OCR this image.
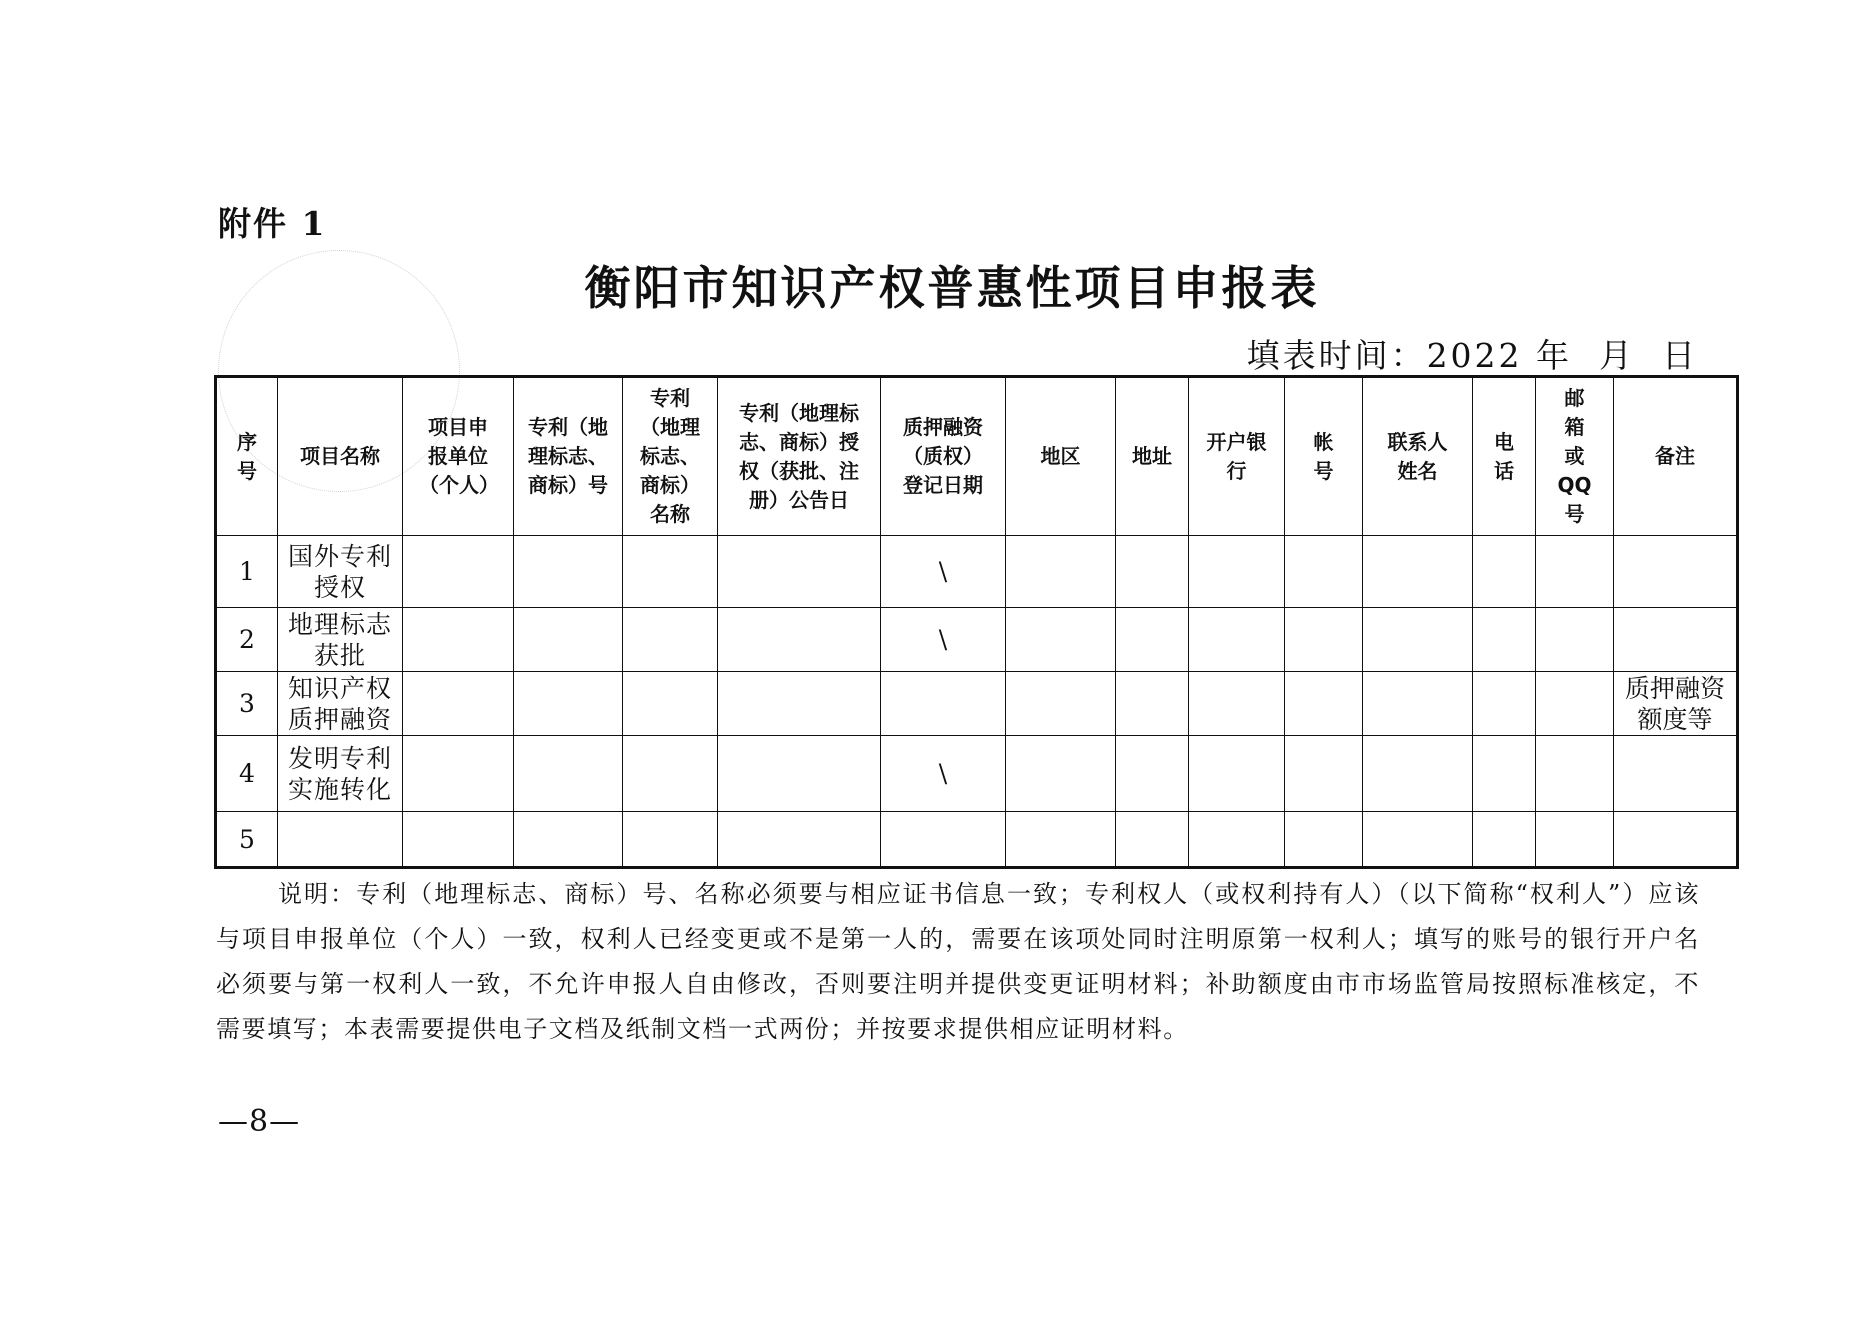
附件 1
衡阳市知识产权普惠性项目申报表
填表时间：2022 年  月  日
序号	项目名称	项目申报单位（个人）	专利（地理标志、商标）号	专利（地理标志、商标）名称	专利（地理标志、商标）授权（获批、注册）公告日	质押融资（质权）登记日期	地区	地址	开户银行	帐号	联系人姓名	电话	邮箱或QQ号	备注
1	国外专利授权					\								
2	地理标志获批					\								
3	知识产权质押融资													质押融资额度等
4	发明专利实施转化					\								
5														
说明：专利（地理标志、商标）号、名称必须要与相应证书信息一致；专利权人（或权利持有人）（以下简称“权利人”）应该与项目申报单位（个人）一致，权利人已经变更或不是第一人的，需要在该项处同时注明原第一权利人；填写的账号的银行开户名必须要与第一权利人一致，不允许申报人自由修改，否则要注明并提供变更证明材料；补助额度由市市场监管局按照标准核定，不需要填写；本表需要提供电子文档及纸制文档一式两份；并按要求提供相应证明材料。
—8—
